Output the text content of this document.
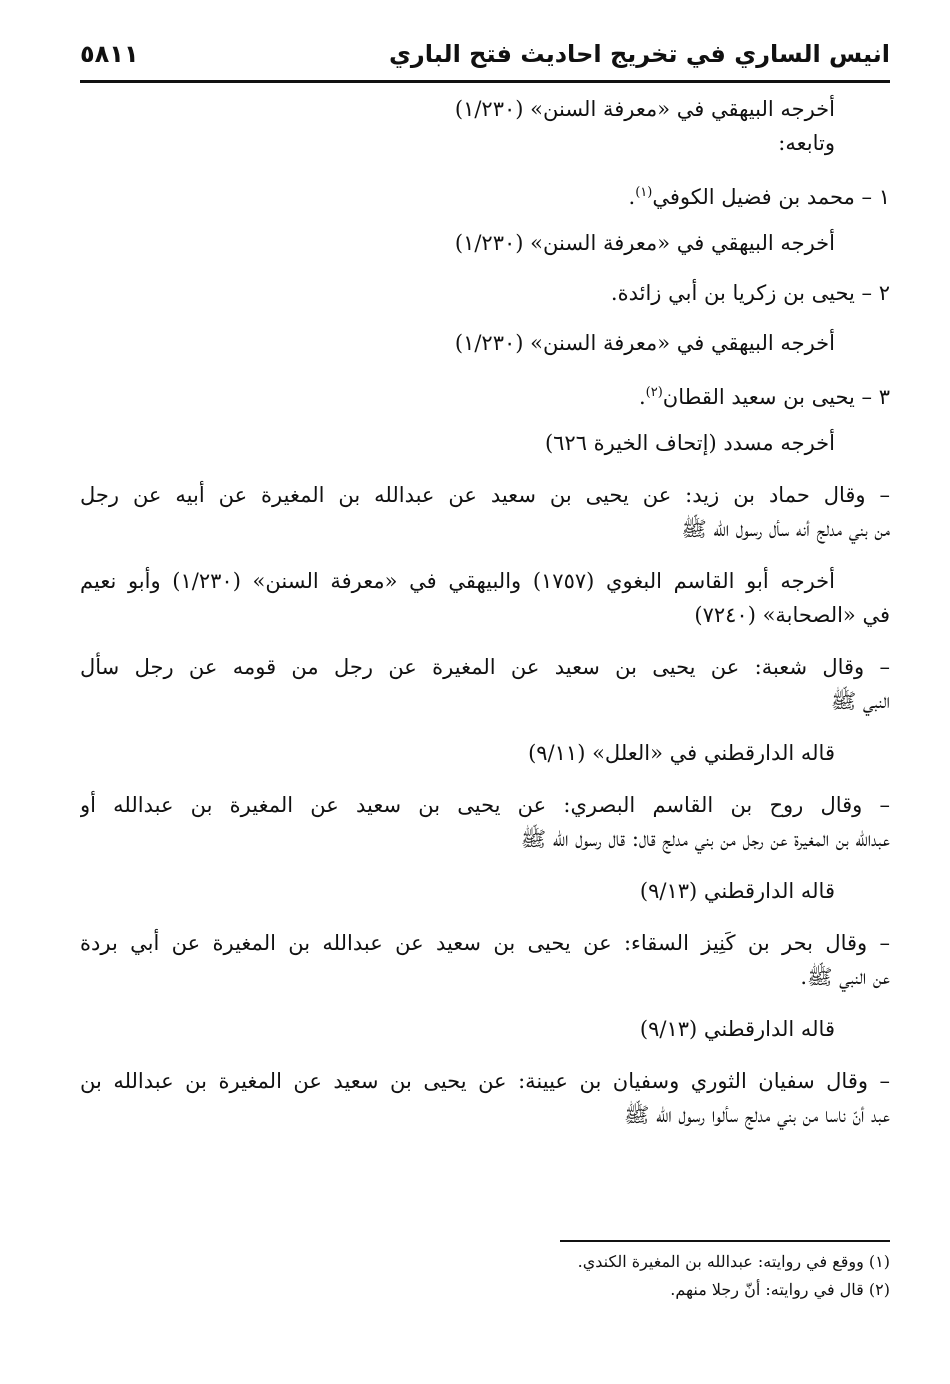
انيس الساري في تخريج احاديث فتح الباري
٥٨١١
أخرجه البيهقي في «معرفة السنن» (١/٢٣٠)
وتابعه:
١ – محمد بن فضيل الكوفي$^{(١)}$.
أخرجه البيهقي في «معرفة السنن» (١/٢٣٠)
٢ – يحيى بن زكريا بن أبي زائدة.
أخرجه البيهقي في «معرفة السنن» (١/٢٣٠)
٣ – يحيى بن سعيد القطان$^{(٢)}$.
أخرجه مسدد (إتحاف الخيرة ٦٢٦)
– وقال حماد بن زيد: عن يحيى بن سعيد عن عبدالله بن المغيرة عن أبيه عن رجل
من بني مدلج أنه سأل رسول الله ﷺ
أخرجه أبو القاسم البغوي (١٧٥٧) والبيهقي في «معرفة السنن» (١/٢٣٠) وأبو نعيم
في «الصحابة» (٧٢٤٠)
– وقال شعبة: عن يحيى بن سعيد عن المغيرة عن رجل من قومه عن رجل سأل
النبي ﷺ
قاله الدارقطني في «العلل» (٩/١١)
– وقال روح بن القاسم البصري: عن يحيى بن سعيد عن المغيرة بن عبدالله أو
عبدالله بن المغيرة عن رجل من بني مدلج قال: قال رسول الله ﷺ
قاله الدارقطني (٩/١٣)
– وقال بحر بن كَنِيز السقاء: عن يحيى بن سعيد عن عبدالله بن المغيرة عن أبي بردة
عن النبي ﷺ.
قاله الدارقطني (٩/١٣)
– وقال سفيان الثوري وسفيان بن عيينة: عن يحيى بن سعيد عن المغيرة بن عبدالله بن
عبد أنّ ناسا من بني مدلج سألوا رسول الله ﷺ
(١) ووقع في روايته: عبدالله بن المغيرة الكندي.
(٢) قال في روايته: أنّ رجلا منهم.
